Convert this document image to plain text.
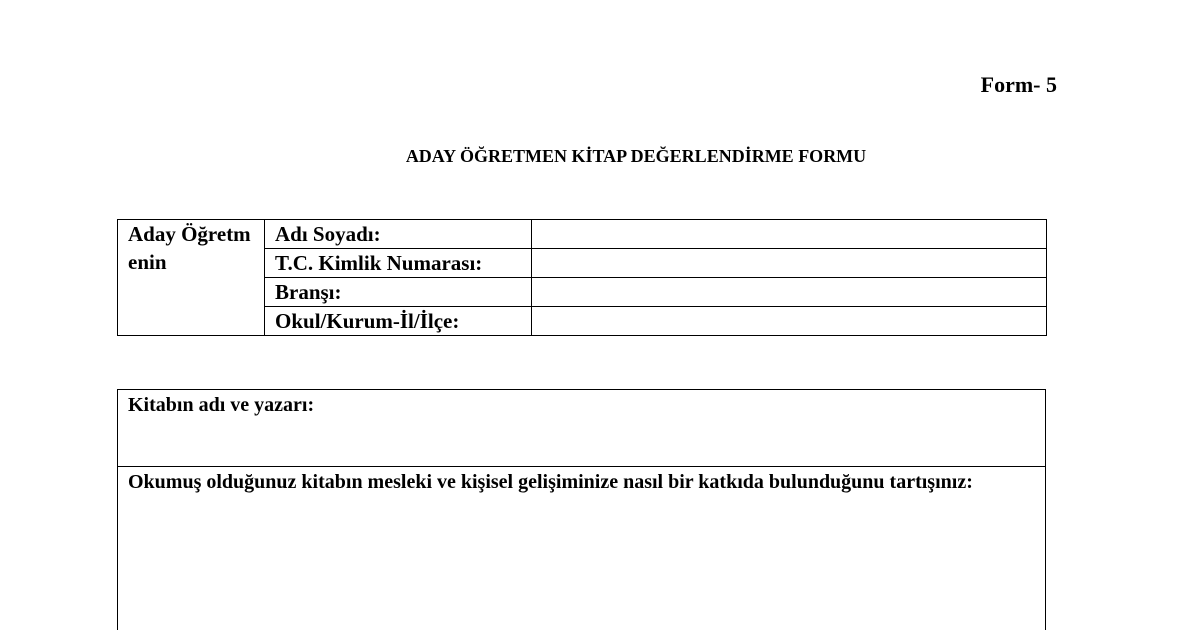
Form- 5
ADAY ÖĞRETMEN KİTAP DEĞERLENDİRME FORMU
Aday Öğretmenin	Adı Soyadı:	
	T.C. Kimlik Numarası:	
	Branşı:	
	Okul/Kurum-İl/İlçe:	
Kitabın adı ve yazarı:
Okumuş olduğunuz kitabın mesleki ve kişisel gelişiminize nasıl bir katkıda bulunduğunu tartışınız:
